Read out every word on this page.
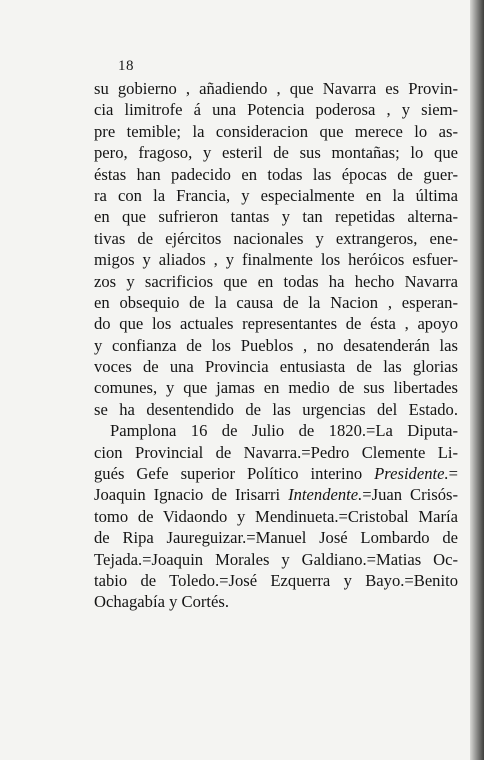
18
su gobierno , añadiendo , que Navarra es Provin-
cia limitrofe á una Potencia poderosa , y siem-
pre temible; la consideracion que merece lo as-
pero, fragoso, y esteril de sus montañas; lo que
éstas han padecido en todas las épocas de guer-
ra con la Francia, y especialmente en la última
en que sufrieron tantas y tan repetidas alterna-
tivas de ejércitos nacionales y extrangeros, ene-
migos y aliados , y finalmente los heróicos esfuer-
zos y sacrificios que en todas ha hecho Navarra
en obsequio de la causa de la Nacion , esperan-
do que los actuales representantes de ésta , apoyo
y confianza de los Pueblos , no desatenderán las
voces de una Provincia entusiasta de las glorias
comunes, y que jamas en medio de sus libertades
se ha desentendido de las urgencias del Estado.
Pamplona 16 de Julio de 1820.=La Diputa-
cion Provincial de Navarra.=Pedro Clemente Li-
gués Gefe superior Político interino Presidente.=
Joaquin Ignacio de Irisarri Intendente.=Juan Crisós-
tomo de Vidaondo y Mendinueta.=Cristobal María
de Ripa Jaureguizar.=Manuel José Lombardo de
Tejada.=Joaquin Morales y Galdiano.=Matias Oc-
tabio de Toledo.=José Ezquerra y Bayo.=Benito
Ochagabía y Cortés.
